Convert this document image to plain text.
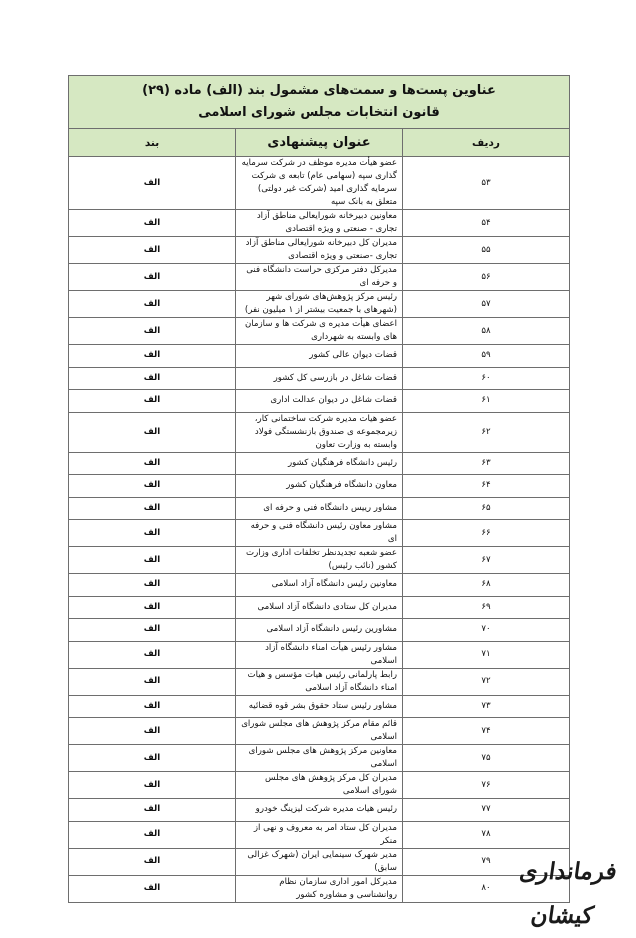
عناوین پست‌ها و سمت‌های مشمول بند (الف) ماده (۲۹)
قانون انتخابات مجلس شورای اسلامی		

ردیف	عنوان پیشنهادی	بند
۵۳	عضو هیأت مدیره موظف در شرکت سرمایه گذاری سپه (سهامی عام) تابعه ی شرکت سرمایه گذاری امید (شرکت غیر دولتی) متعلق به بانک سپه	الف
۵۴	معاونین دبیرخانه شورایعالی مناطق آزاد تجاری - صنعتی و ویژه اقتصادی	الف
۵۵	مدیران کل دبیرخانه شورایعالی مناطق آزاد تجاری -صنعتی و ویژه اقتصادی	الف
۵۶	مدیرکل دفتر مرکزی حراست دانشگاه فنی و حرفه ای	الف
۵۷	رئیس مرکز پژوهش‌های شورای شهر (شهرهای با جمعیت بیشتر از ۱ میلیون نفر)	الف
۵۸	اعضای هیأت مدیره ی شرکت ها و سازمان های وابسته به شهرداری	الف
۵۹	قضات دیوان عالی کشور	الف
۶۰	قضات شاغل در بازرسی کل کشور	الف
۶۱	قضات شاغل در دیوان عدالت اداری	الف
۶۲	عضو هیات مدیره شرکت ساختمانی کار، زیرمجموعه ی صندوق بازنشستگی فولاد وابسته به وزارت تعاون	الف
۶۳	رئیس دانشگاه فرهنگیان کشور	الف
۶۴	معاون دانشگاه فرهنگیان کشور	الف
۶۵	مشاور رییس دانشگاه فنی و حرفه ای	الف
۶۶	مشاور معاون رئیس دانشگاه فنی و حرفه ای	الف
۶۷	عضو شعبه تجدیدنظر تخلفات اداری وزارت کشور (نائب رئیس)	الف
۶۸	معاونین رئیس دانشگاه آزاد اسلامی	الف
۶۹	مدیران کل ستادی دانشگاه آزاد اسلامی	الف
۷۰	مشاورین رئیس دانشگاه آزاد اسلامی	الف
۷۱	مشاور رئیس هیأت امناء دانشگاه آزاد اسلامی	الف
۷۲	رابط پارلمانی رئیس هیات مؤسس و هیات امناء دانشگاه آزاد اسلامی	الف
۷۳	مشاور رئیس ستاد حقوق بشر قوه قضائیه	الف
۷۴	قائم مقام مرکز پژوهش های مجلس شورای اسلامی	الف
۷۵	معاونین مرکز پژوهش های مجلس شورای اسلامی	الف
۷۶	مدیران کل مرکز پژوهش های مجلس شورای اسلامی	الف
۷۷	رئیس هیات مدیره شرکت لیزینگ خودرو	الف
۷۸	مدیران کل ستاد امر به معروف و نهی از منکر	الف
۷۹	مدیر شهرک سینمایی ایران (شهرک غزالی سابق)	الف
۸۰	مدیرکل امور اداری سازمان نظام روانشناسی و مشاوره کشور	الف
فرمانداری کیشان
